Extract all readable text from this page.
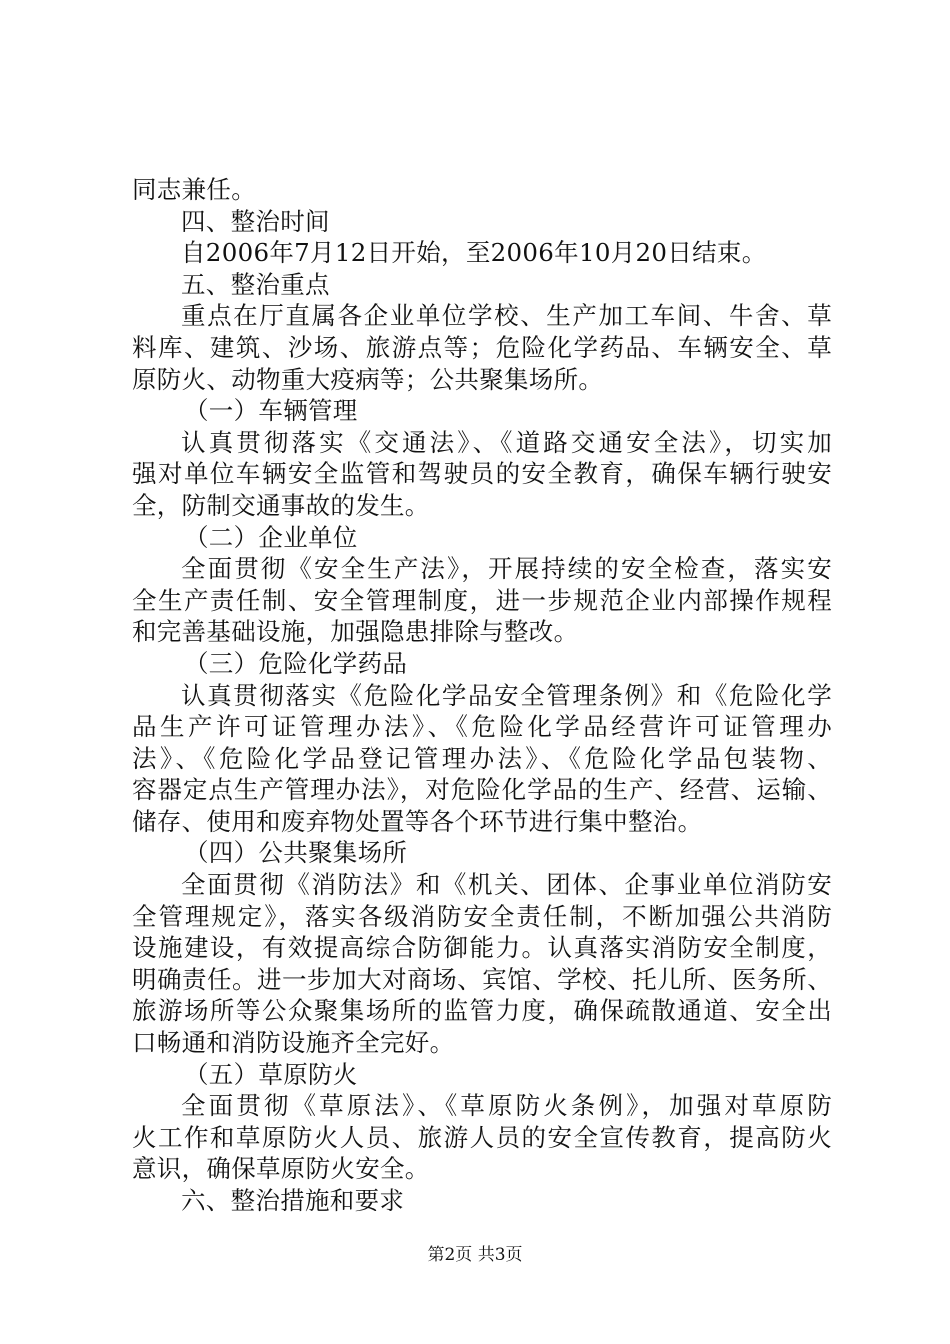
同志兼任。
四、整治时间
自2006年7月12日开始，至2006年10月20日结束。
五、整治重点
重点在厅直属各企业单位学校、生产加工车间、牛舍、草
料库、建筑、沙场、旅游点等；危险化学药品、车辆安全、草
原防火、动物重大疫病等；公共聚集场所。
（一）车辆管理
认真贯彻落实《交通法》、《道路交通安全法》，切实加
强对单位车辆安全监管和驾驶员的安全教育，确保车辆行驶安
全，防制交通事故的发生。
（二）企业单位
全面贯彻《安全生产法》，开展持续的安全检查，落实安
全生产责任制、安全管理制度，进一步规范企业内部操作规程
和完善基础设施，加强隐患排除与整改。
（三）危险化学药品
认真贯彻落实《危险化学品安全管理条例》和《危险化学
品生产许可证管理办法》、《危险化学品经营许可证管理办
法》、《危险化学品登记管理办法》、《危险化学品包装物、
容器定点生产管理办法》，对危险化学品的生产、经营、运输、
储存、使用和废弃物处置等各个环节进行集中整治。
（四）公共聚集场所
全面贯彻《消防法》和《机关、团体、企事业单位消防安
全管理规定》，落实各级消防安全责任制，不断加强公共消防
设施建设，有效提高综合防御能力。认真落实消防安全制度，
明确责任。进一步加大对商场、宾馆、学校、托儿所、医务所、
旅游场所等公众聚集场所的监管力度，确保疏散通道、安全出
口畅通和消防设施齐全完好。
（五）草原防火
全面贯彻《草原法》、《草原防火条例》，加强对草原防
火工作和草原防火人员、旅游人员的安全宣传教育，提高防火
意识，确保草原防火安全。
六、整治措施和要求
第2页 共3页
